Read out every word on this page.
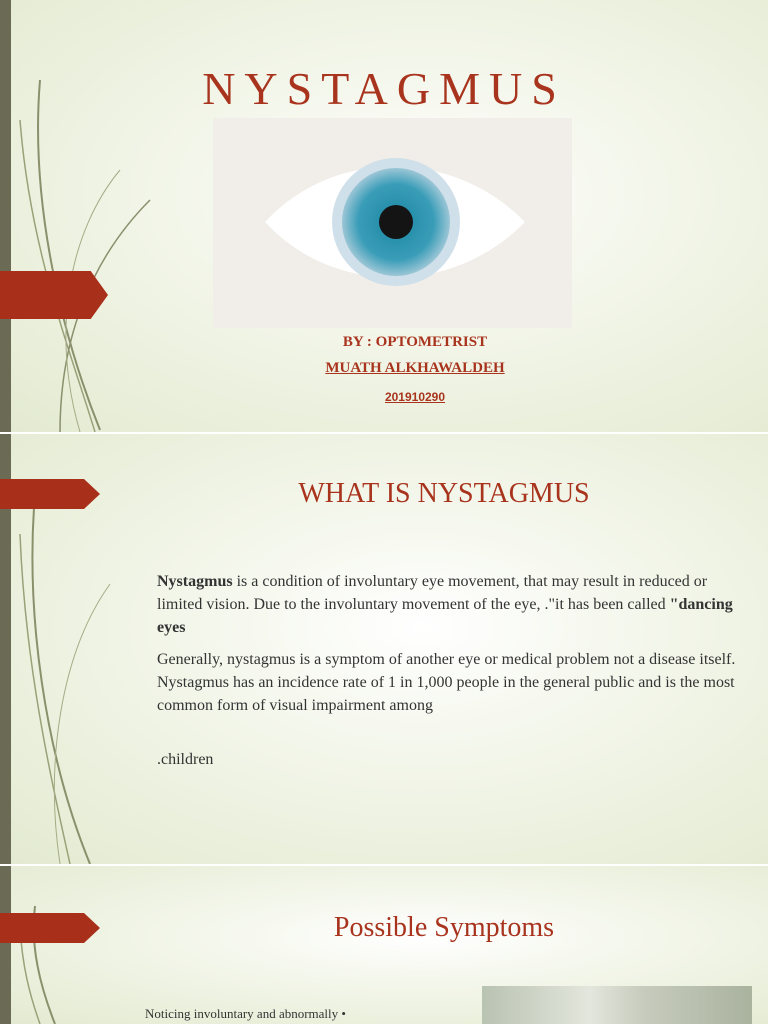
NYSTAGMUS
BY : OPTOMETRIST
MUATH ALKHAWALDEH
201910290
WHAT IS NYSTAGMUS
Nystagmus is a condition of involuntary eye movement, that may result in reduced or limited vision. Due to the involuntary movement of the eye, ."it has been called "dancing eyes
Generally, nystagmus is a symptom of another eye or medical problem not a disease itself. Nystagmus has an incidence rate of 1 in 1,000 people in the general public and is the most common form of visual impairment among
.children
Possible Symptoms
Noticing involuntary and abnormally •
